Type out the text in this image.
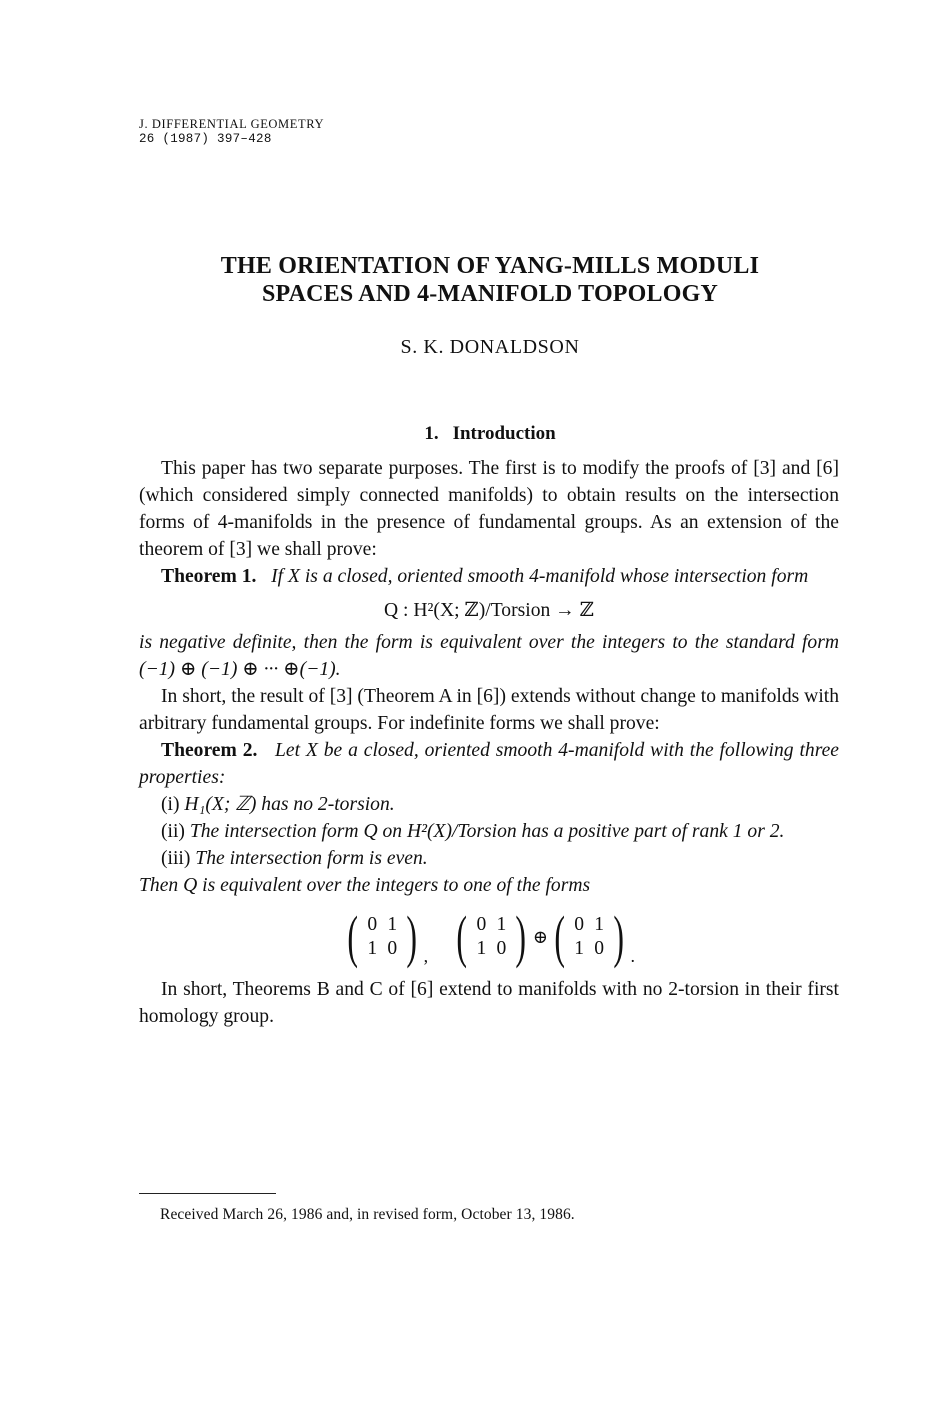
J. DIFFERENTIAL GEOMETRY
26 (1987) 397–428
THE ORIENTATION OF YANG-MILLS MODULI
SPACES AND 4-MANIFOLD TOPOLOGY
S. K. DONALDSON
1. Introduction

This paper has two separate purposes. The first is to modify the proofs of [3] and [6] (which considered simply connected manifolds) to obtain results on the intersection forms of 4-manifolds in the presence of fundamental groups. As an extension of the theorem of [3] we shall prove:

Theorem 1. If X is a closed, oriented smooth 4-manifold whose intersection form

Q : H²(X; ℤ)/Torsion → ℤ

is negative definite, then the form is equivalent over the integers to the standard form (−1) ⊕ (−1) ⊕ ··· ⊕(−1).

In short, the result of [3] (Theorem A in [6]) extends without change to manifolds with arbitrary fundamental groups. For indefinite forms we shall prove:

Theorem 2. Let X be a closed, oriented smooth 4-manifold with the following three properties:

(i) H₁(X; ℤ) has no 2-torsion.

(ii) The intersection form Q on H²(X)/Torsion has a positive part of rank 1 or 2.

(iii) The intersection form is even.

Then Q is equivalent over the integers to one of the forms

( 0 1
1 0 ) , ( 0 1
1 0 ) ⊕ ( 0 1
1 0 ) .

In short, Theorems B and C of [6] extend to manifolds with no 2-torsion in their first homology group.

Received March 26, 1986 and, in revised form, October 13, 1986.
